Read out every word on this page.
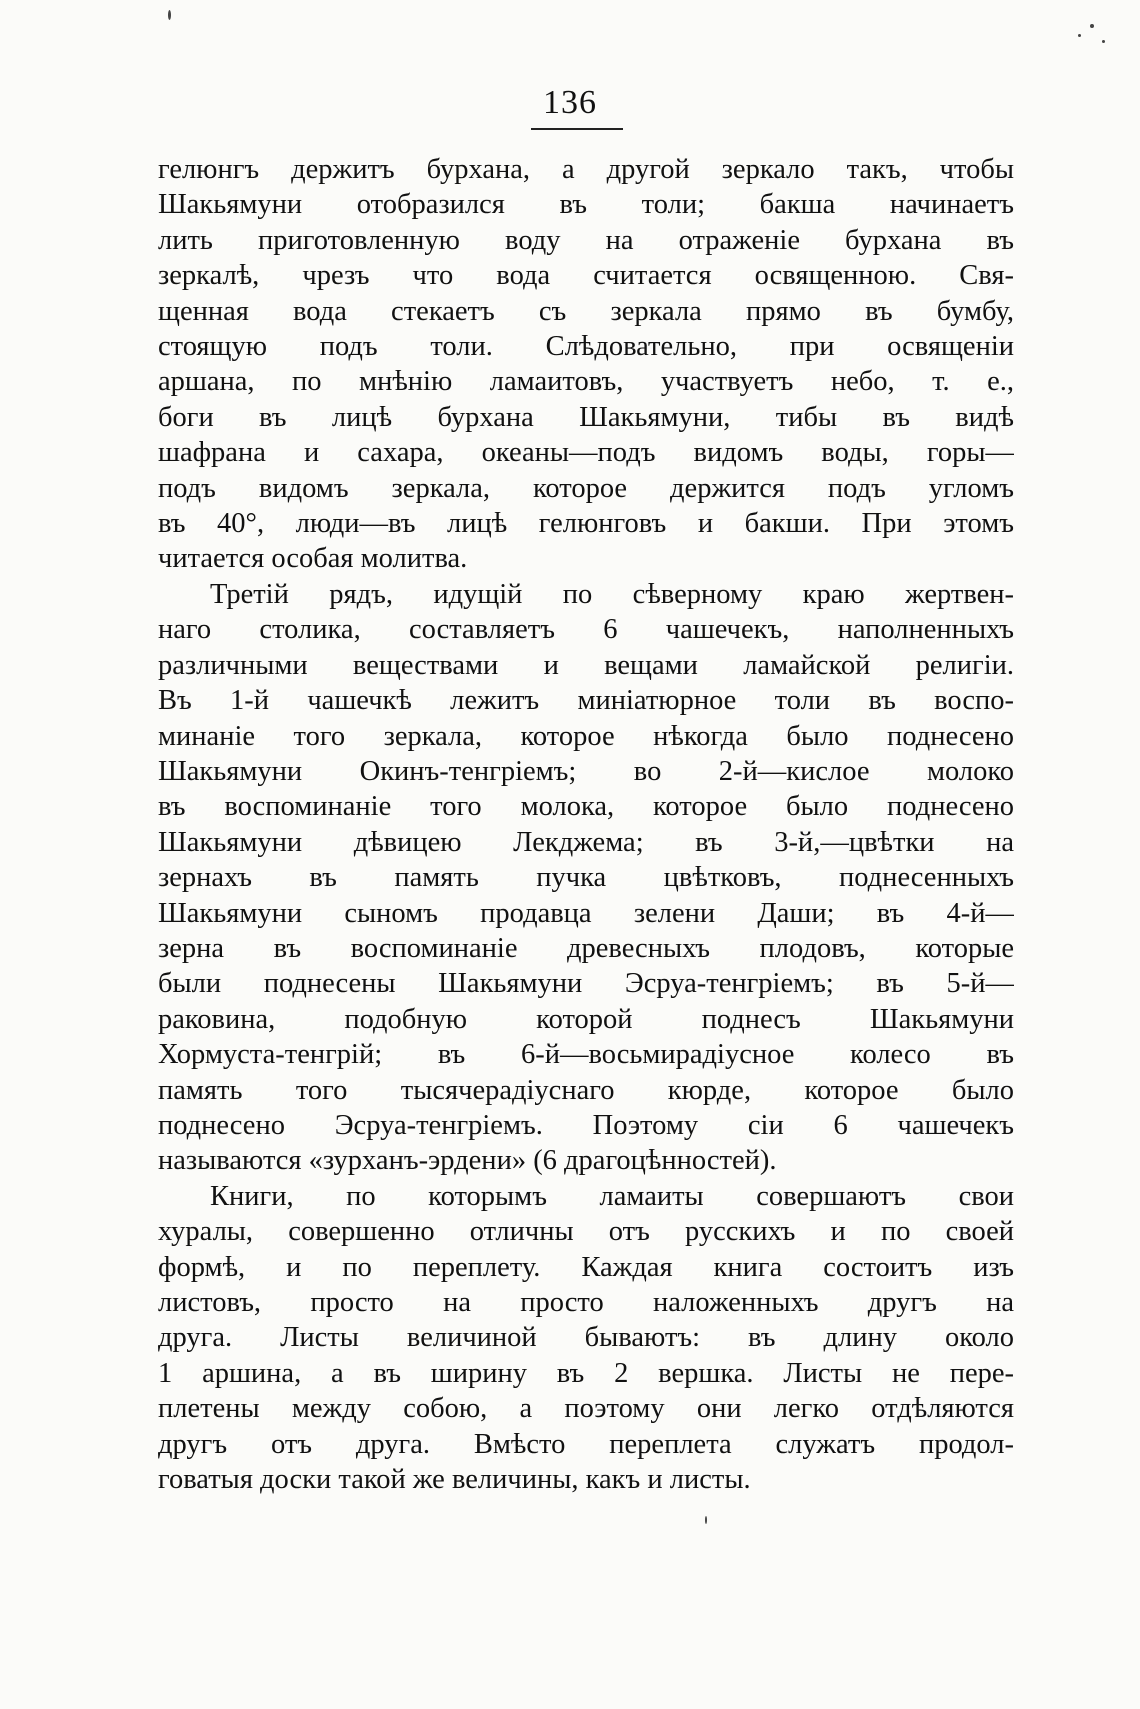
136
гелюнгъ держитъ бурхана, а другой зеркало такъ, чтобы
Шакьямуни отобразился въ толи; бакша начинаетъ
лить приготовленную воду на отраженіе бурхана въ
зеркалѣ, чрезъ что вода считается освященною. Свя-
щенная вода стекаетъ съ зеркала прямо въ бумбу,
стоящую подъ толи. Слѣдовательно, при освященіи
аршана, по мнѣнію ламаитовъ, участвуетъ небо, т. е.,
боги въ лицѣ бурхана Шакьямуни, тибы въ видѣ
шафрана и сахара, океаны—подъ видомъ воды, горы—
подъ видомъ зеркала, которое держится подъ угломъ
въ 40°, люди—въ лицѣ гелюнговъ и бакши. При этомъ
читается особая молитва.
Третій рядъ, идущій по сѣверному краю жертвен-
наго столика, составляетъ 6 чашечекъ, наполненныхъ
различными веществами и вещами ламайской религіи.
Въ 1-й чашечкѣ лежитъ миніатюрное толи въ воспо-
минаніе того зеркала, которое нѣкогда было поднесено
Шакьямуни Окинъ-тенгріемъ; во 2-й—кислое молоко
въ воспоминаніе того молока, которое было поднесено
Шакьямуни дѣвицею Лекджема; въ 3-й,—цвѣтки на
зернахъ въ память пучка цвѣтковъ, поднесенныхъ
Шакьямуни сыномъ продавца зелени Даши; въ 4-й—
зерна въ воспоминаніе древесныхъ плодовъ, которые
были поднесены Шакьямуни Эсруа-тенгріемъ; въ 5-й—
раковина, подобную которой поднесъ Шакьямуни
Хормуста-тенгрій; въ 6-й—восьмирадіусное колесо въ
память того тысячерадіуснаго кюрде, которое было
поднесено Эсруа-тенгріемъ. Поэтому сіи 6 чашечекъ
называются «зурханъ-эрдени» (6 драгоцѣнностей).
Книги, по которымъ ламаиты совершаютъ свои
хуралы, совершенно отличны отъ русскихъ и по своей
формѣ, и по переплету. Каждая книга состоитъ изъ
листовъ, просто на просто наложенныхъ другъ на
друга. Листы величиной бываютъ: въ длину около
1 аршина, а въ ширину въ 2 вершка. Листы не пере-
плетены между собою, а поэтому они легко отдѣляются
другъ отъ друга. Вмѣсто переплета служатъ продол-
говатыя доски такой же величины, какъ и листы.
